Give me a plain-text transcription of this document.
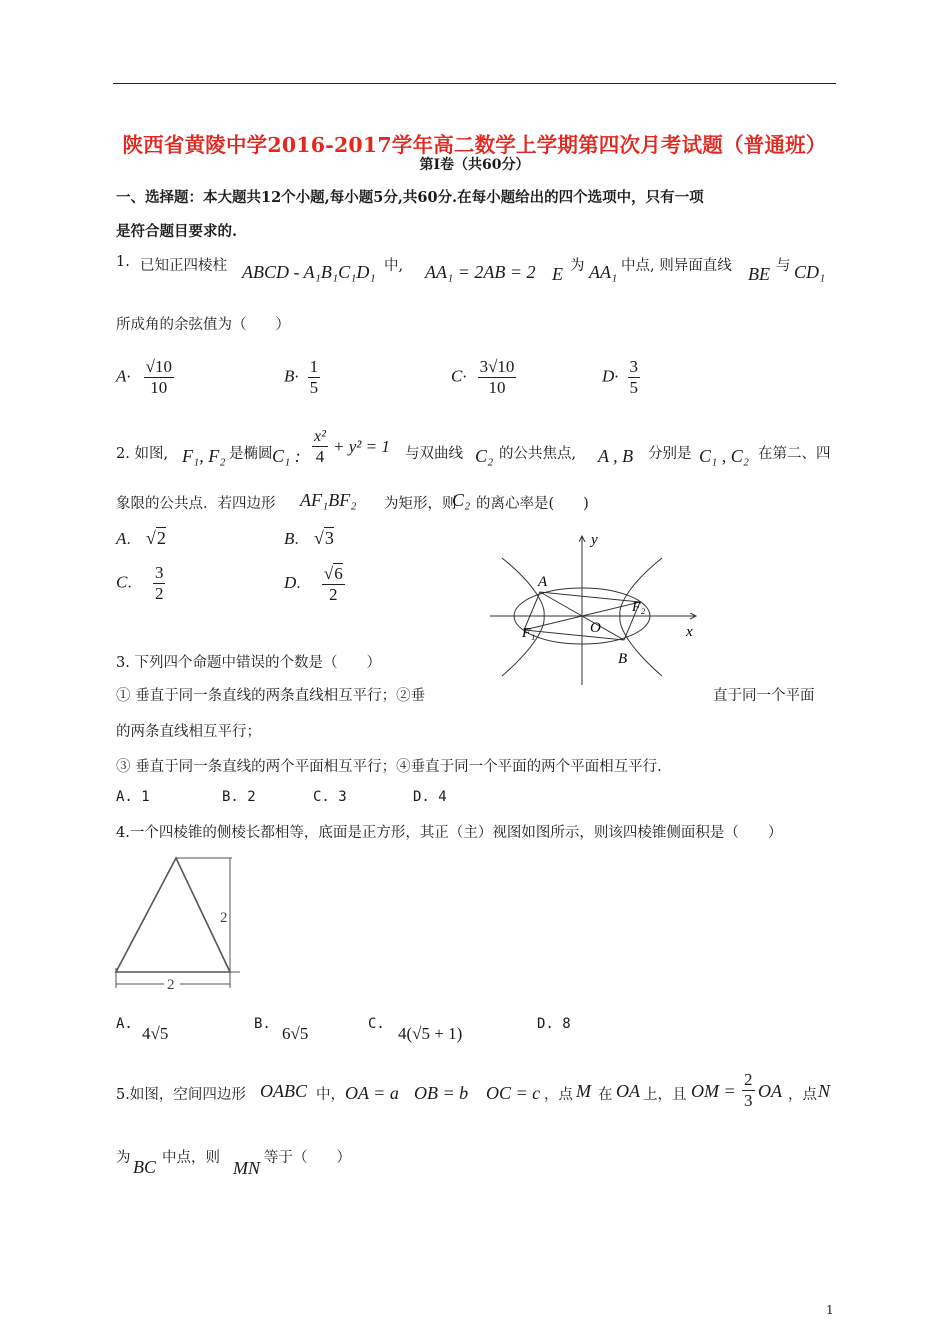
陕西省黄陵中学2016-2017学年高二数学上学期第四次月考试题（普通班）
第Ⅰ卷（共60分）
一、选择题：本大题共12个小题,每小题5分,共60分.在每小题给出的四个选项中，只有一项
是符合题目要求的.
1. 已知正四棱柱 ABCD - A₁B₁C₁D₁ 中, AA₁ = 2AB = 2 E 为 AA₁ 中点, 则异面直线 BE 与 CD₁
所成角的余弦值为（　　）
$A\cdot \frac{√10}{10}$	$B\cdot \frac{1}{5}$	$C\cdot \frac{3√10}{10}$	$D\cdot \frac{3}{5}$
2. 如图, F₁, F₂ 是椭圆 C₁ : $\frac{\text{x²}}{4} + y^2 = 1$ 与双曲线 C₂ 的公共焦点, A , B 分别是 C₁ , C₂ 在第二、四
象限的公共点．若四边形 AF₁BF₂ 为矩形，则
C₂ 的离心率是(　　)
A． √2	B． √3
C． $\frac{3}{2}$	D． $\frac{√6}{2}$
y
x
A
B
O
F₁
F₂
3. 下列四个命题中错误的个数是（　　）
① 垂直于同一条直线的两条直线相互平行；②垂	直于同一个平面
的两条直线相互平行；
③ 垂直于同一条直线的两个平面相互平行；④垂直于同一个平面的两个平面相互平行.
A. 1	B. 2	C. 3	D. 4
4.一个四棱锥的侧棱长都相等，底面是正方形，其正（主）视图如图所示，则该四棱锥侧面积是（　　）
2
2
A. 4√5	B. 6√5	C. 4(√5 + 1)	D. 8
5.如图，空间四边形 OABC 中， OA = a OB = b OC = c ，点 M 在 OA 上，且 OM = $\frac{2}{3}$ OA ，点 N
为 BC 中点，则 MN 等于（　　）
1
